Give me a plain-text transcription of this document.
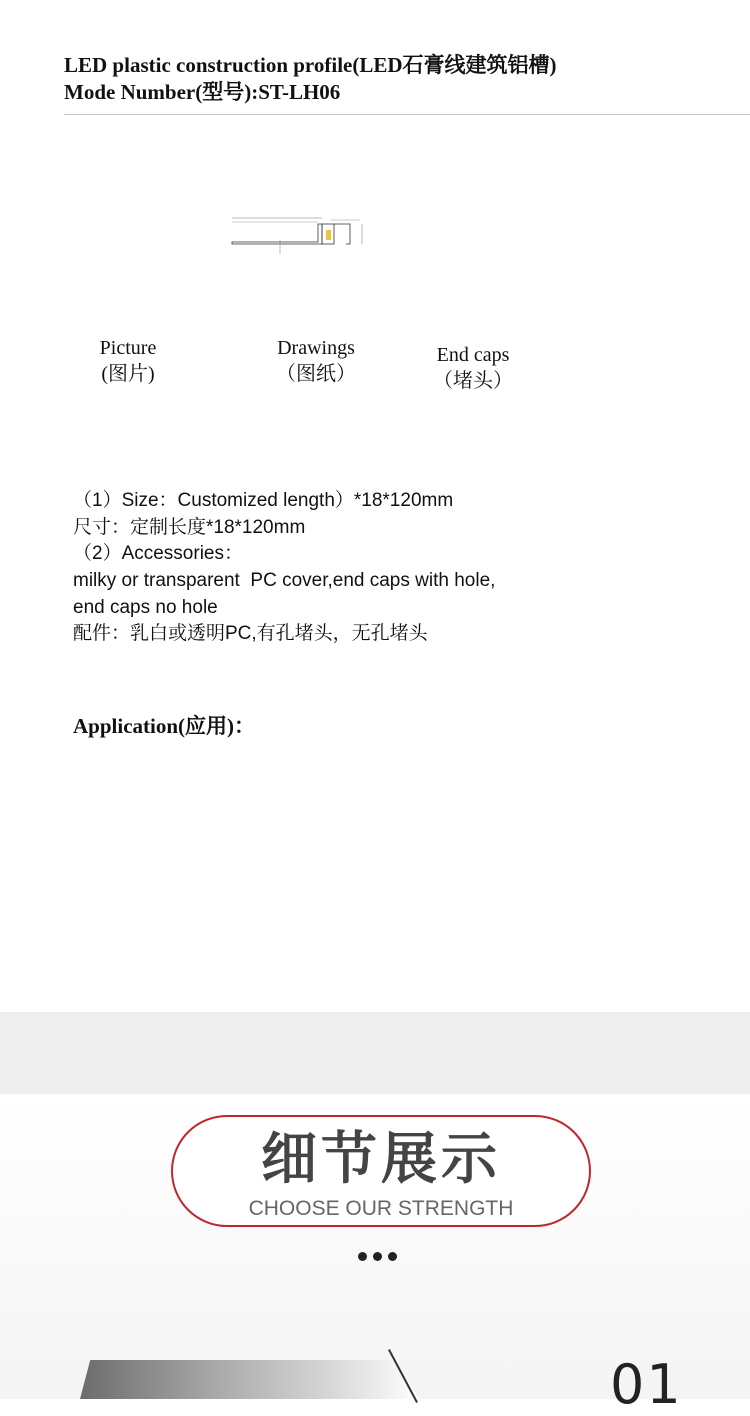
LED plastic construction profile(LED石膏线建筑铝槽)
Mode Number(型号):ST-LH06
Picture
(图片)
Drawings
（图纸）
End caps
（堵头）
（1）Size：Customized length）*18*120mm
尺寸：定制长度*18*120mm
（2）Accessories：
milky or transparent  PC cover,end caps with hole,
end caps no hole
配件：乳白或透明PC,有孔堵头，无孔堵头
Application(应用)：
细节展示
CHOOSE OUR STRENGTH
01
